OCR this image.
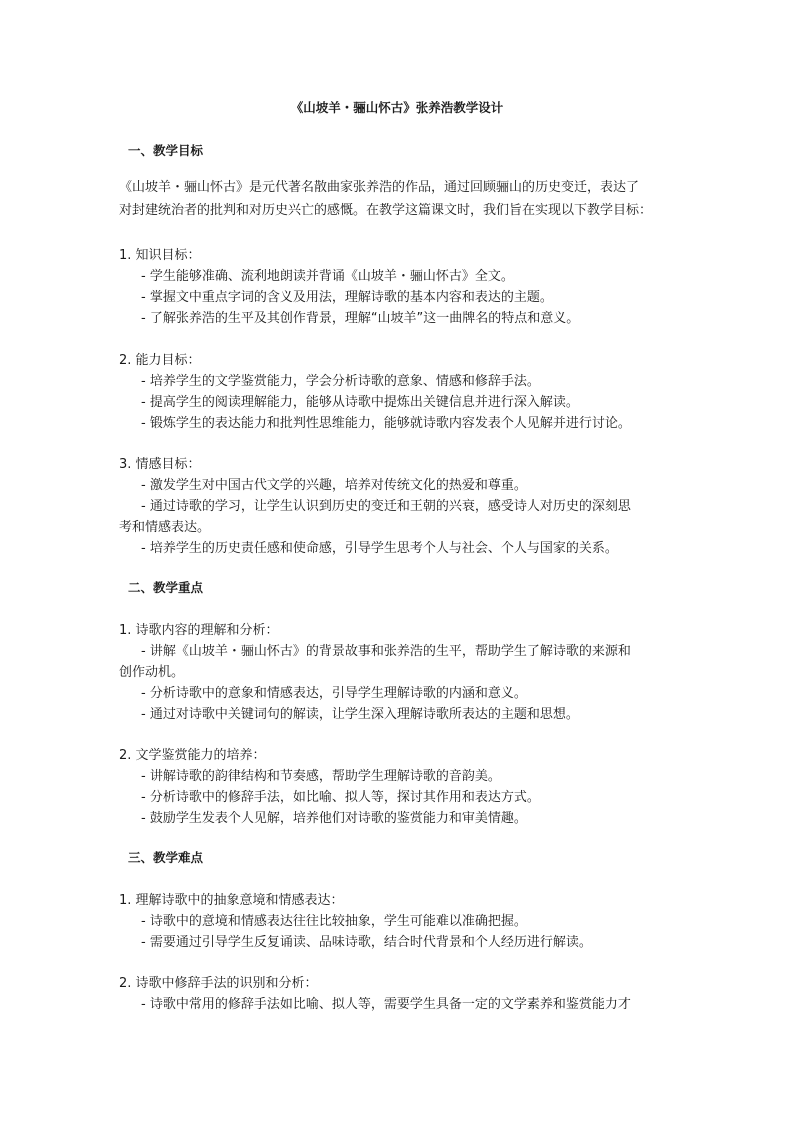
《山坡羊・骊山怀古》张养浩教学设计
一、教学目标
《山坡羊・骊山怀古》是元代著名散曲家张养浩的作品，通过回顾骊山的历史变迁，表达了
对封建统治者的批判和对历史兴亡的感慨。在教学这篇课文时，我们旨在实现以下教学目标：
1. 知识目标：
- 学生能够准确、流利地朗读并背诵《山坡羊・骊山怀古》全文。
- 掌握文中重点字词的含义及用法，理解诗歌的基本内容和表达的主题。
- 了解张养浩的生平及其创作背景，理解“山坡羊”这一曲牌名的特点和意义。
2. 能力目标：
- 培养学生的文学鉴赏能力，学会分析诗歌的意象、情感和修辞手法。
- 提高学生的阅读理解能力，能够从诗歌中提炼出关键信息并进行深入解读。
- 锻炼学生的表达能力和批判性思维能力，能够就诗歌内容发表个人见解并进行讨论。
3. 情感目标：
- 激发学生对中国古代文学的兴趣，培养对传统文化的热爱和尊重。
- 通过诗歌的学习，让学生认识到历史的变迁和王朝的兴衰，感受诗人对历史的深刻思
考和情感表达。
- 培养学生的历史责任感和使命感，引导学生思考个人与社会、个人与国家的关系。
二、教学重点
1. 诗歌内容的理解和分析：
- 讲解《山坡羊・骊山怀古》的背景故事和张养浩的生平，帮助学生了解诗歌的来源和
创作动机。
- 分析诗歌中的意象和情感表达，引导学生理解诗歌的内涵和意义。
- 通过对诗歌中关键词句的解读，让学生深入理解诗歌所表达的主题和思想。
2. 文学鉴赏能力的培养：
- 讲解诗歌的韵律结构和节奏感，帮助学生理解诗歌的音韵美。
- 分析诗歌中的修辞手法，如比喻、拟人等，探讨其作用和表达方式。
- 鼓励学生发表个人见解，培养他们对诗歌的鉴赏能力和审美情趣。
三、教学难点
1. 理解诗歌中的抽象意境和情感表达：
- 诗歌中的意境和情感表达往往比较抽象，学生可能难以准确把握。
- 需要通过引导学生反复诵读、品味诗歌，结合时代背景和个人经历进行解读。
2. 诗歌中修辞手法的识别和分析：
- 诗歌中常用的修辞手法如比喻、拟人等，需要学生具备一定的文学素养和鉴赏能力才
